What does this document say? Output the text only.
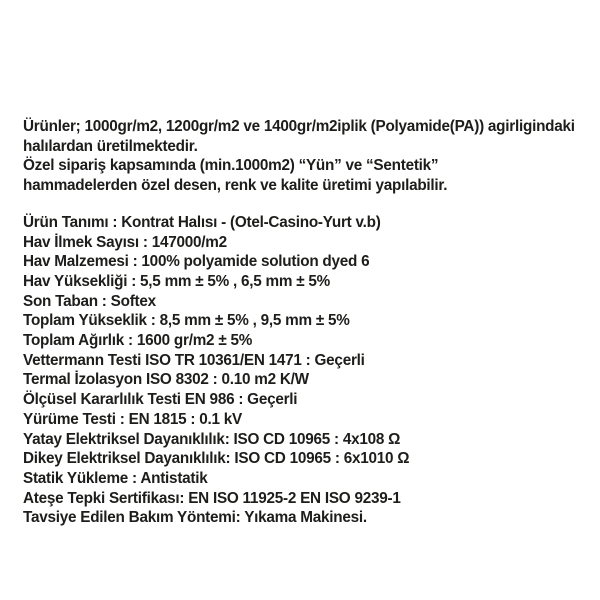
Ürünler; 1000gr/m2, 1200gr/m2 ve 1400gr/m2iplik (Polyamide(PA)) agirligindaki
halılardan üretilmektedir.
Özel sipariş kapsamında (min.1000m2) “Yün” ve “Sentetik”
hammadelerden özel desen, renk ve kalite üretimi yapılabilir.
Ürün Tanımı : Kontrat Halısı - (Otel-Casino-Yurt v.b)
Hav İlmek Sayısı : 147000/m2
Hav Malzemesi : 100% polyamide solution dyed 6
Hav Yüksekliği : 5,5 mm ± 5% , 6,5 mm ± 5%
Son Taban : Softex
Toplam Yükseklik : 8,5 mm ± 5% , 9,5 mm ± 5%
Toplam Ağırlık : 1600 gr/m2 ± 5%
Vettermann Testi ISO TR 10361/EN 1471 : Geçerli
Termal İzolasyon ISO 8302 : 0.10 m2 K/W
Ölçüsel Kararlılık Testi EN 986 : Geçerli
Yürüme Testi : EN 1815 : 0.1 kV
Yatay Elektriksel Dayanıklılık: ISO CD 10965 : 4x108 Ω
Dikey Elektriksel Dayanıklılık: ISO CD 10965 : 6x1010 Ω
Statik Yükleme : Antistatik
Ateşe Tepki Sertifikası: EN ISO 11925-2 EN ISO 9239-1
Tavsiye Edilen Bakım Yöntemi: Yıkama Makinesi.
